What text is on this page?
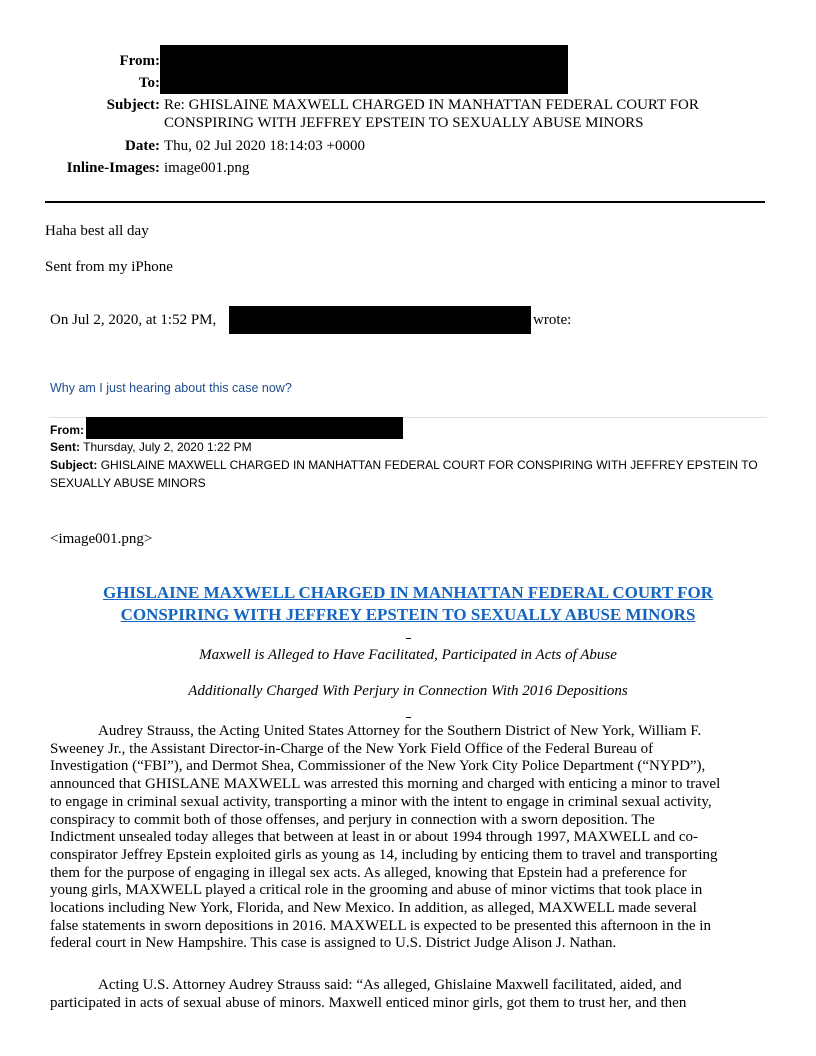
From:
To:
Subject: Re: GHISLAINE MAXWELL CHARGED IN MANHATTAN FEDERAL COURT FOR
CONSPIRING WITH JEFFREY EPSTEIN TO SEXUALLY ABUSE MINORS
Date: Thu, 02 Jul 2020 18:14:03 +0000
Inline-Images: image001.png
Haha best all day
Sent from my iPhone
On Jul 2, 2020, at 1:52 PM,	wrote:
Why am I just hearing about this case now?
From:
Sent: Thursday, July 2, 2020 1:22 PM
Subject: GHISLAINE MAXWELL CHARGED IN MANHATTAN FEDERAL COURT FOR CONSPIRING WITH JEFFREY EPSTEIN TO
SEXUALLY ABUSE MINORS
<image001.png>
GHISLAINE MAXWELL CHARGED IN MANHATTAN FEDERAL COURT FOR
CONSPIRING WITH JEFFREY EPSTEIN TO SEXUALLY ABUSE MINORS
Maxwell is Alleged to Have Facilitated, Participated in Acts of Abuse
Additionally Charged With Perjury in Connection With 2016 Depositions
Audrey Strauss, the Acting United States Attorney for the Southern District of New York, William F.
Sweeney Jr., the Assistant Director-in-Charge of the New York Field Office of the Federal Bureau of
Investigation (“FBI”), and Dermot Shea, Commissioner of the New York City Police Department (“NYPD”),
announced that GHISLANE MAXWELL was arrested this morning and charged with enticing a minor to travel
to engage in criminal sexual activity, transporting a minor with the intent to engage in criminal sexual activity,
conspiracy to commit both of those offenses, and perjury in connection with a sworn deposition. The
Indictment unsealed today alleges that between at least in or about 1994 through 1997, MAXWELL and co-
conspirator Jeffrey Epstein exploited girls as young as 14, including by enticing them to travel and transporting
them for the purpose of engaging in illegal sex acts. As alleged, knowing that Epstein had a preference for
young girls, MAXWELL played a critical role in the grooming and abuse of minor victims that took place in
locations including New York, Florida, and New Mexico. In addition, as alleged, MAXWELL made several
false statements in sworn depositions in 2016. MAXWELL is expected to be presented this afternoon in the in
federal court in New Hampshire. This case is assigned to U.S. District Judge Alison J. Nathan.
Acting U.S. Attorney Audrey Strauss said: “As alleged, Ghislaine Maxwell facilitated, aided, and
participated in acts of sexual abuse of minors. Maxwell enticed minor girls, got them to trust her, and then
